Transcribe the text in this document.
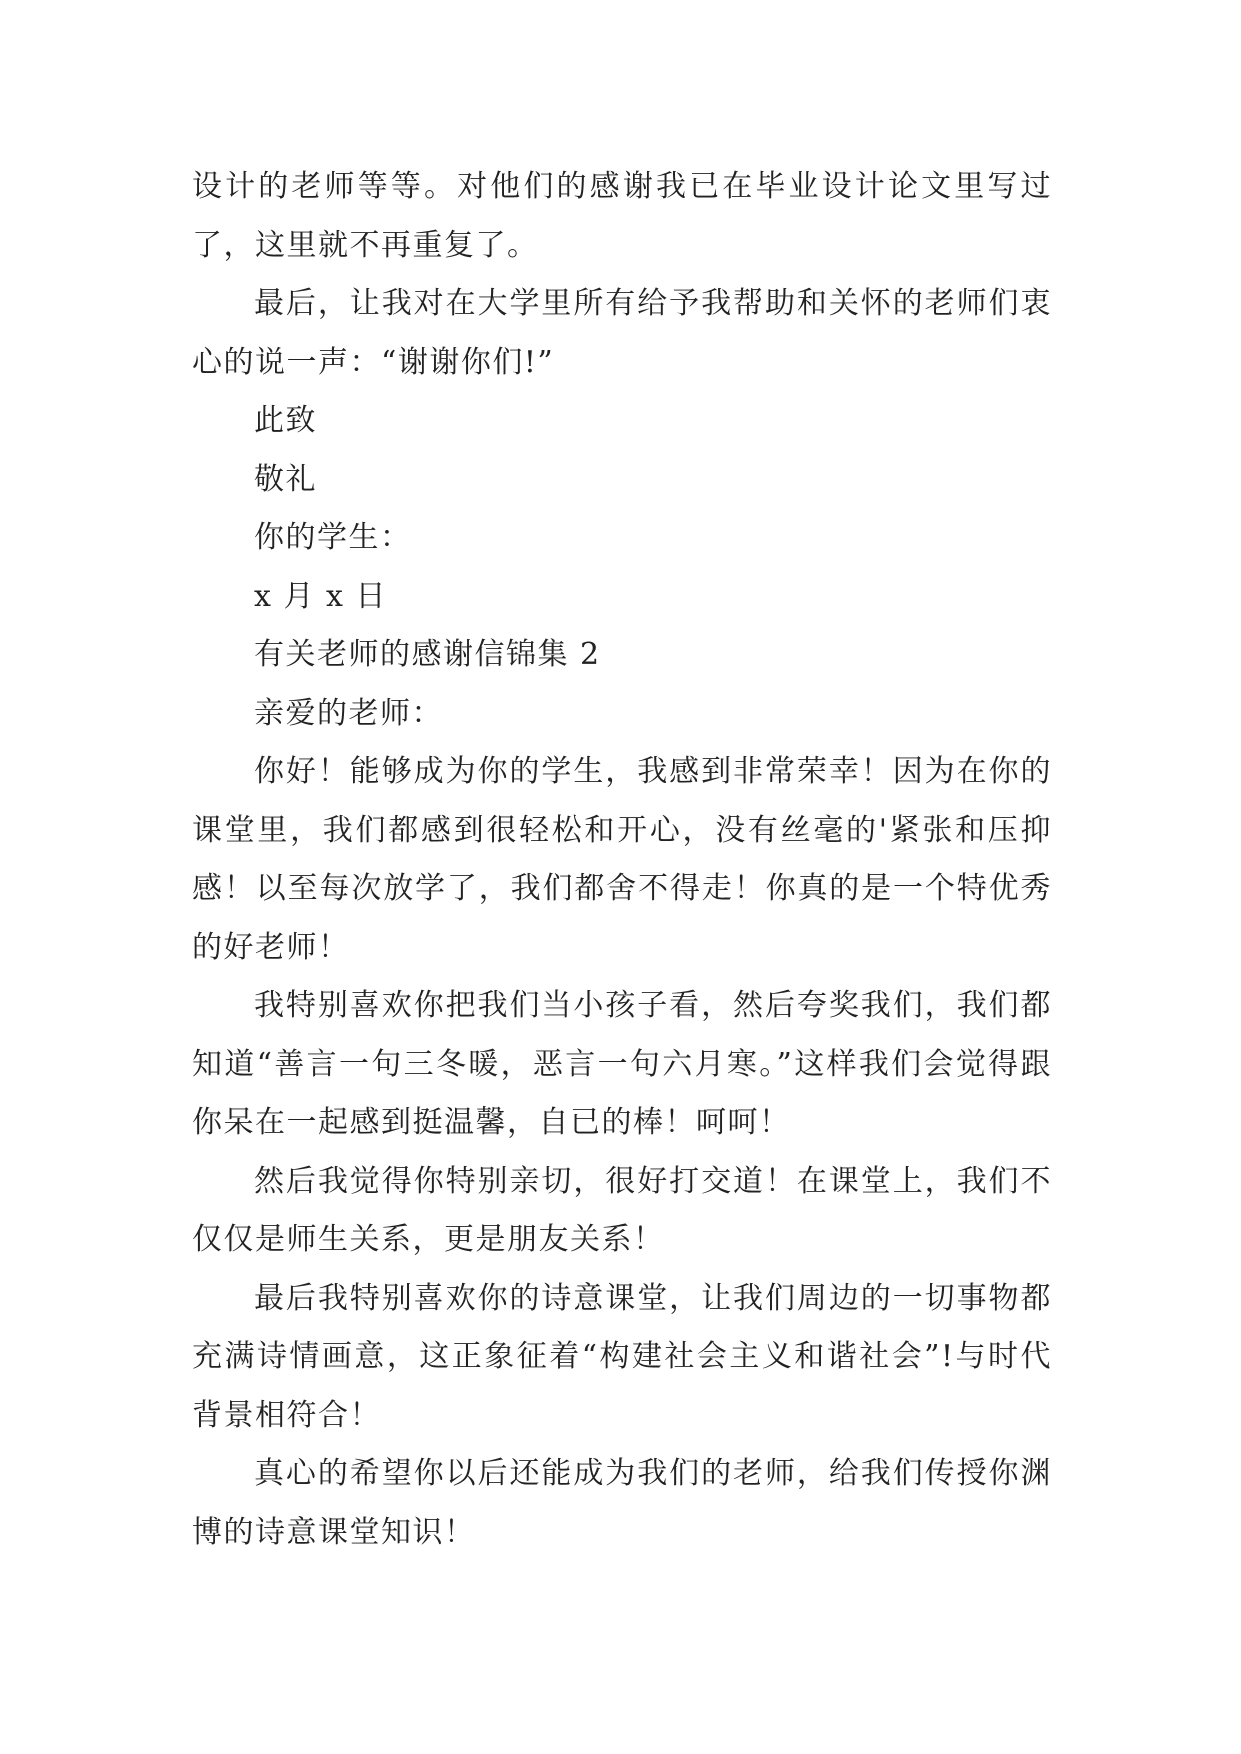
设计的老师等等。对他们的感谢我已在毕业设计论文里写过了，这里就不再重复了。

最后，让我对在大学里所有给予我帮助和关怀的老师们衷心的说一声：“谢谢你们!”

此致

敬礼

你的学生：

x 月 x 日

有关老师的感谢信锦集 2

亲爱的老师：

你好！能够成为你的学生，我感到非常荣幸！因为在你的课堂里，我们都感到很轻松和开心，没有丝毫的'紧张和压抑感！以至每次放学了，我们都舍不得走！你真的是一个特优秀的好老师！

我特别喜欢你把我们当小孩子看，然后夸奖我们，我们都知道“善言一句三冬暖，恶言一句六月寒。”这样我们会觉得跟你呆在一起感到挺温馨，自已的棒！呵呵！

然后我觉得你特别亲切，很好打交道！在课堂上，我们不仅仅是师生关系，更是朋友关系！

最后我特别喜欢你的诗意课堂，让我们周边的一切事物都充满诗情画意，这正象征着“构建社会主义和谐社会”!与时代背景相符合！

真心的希望你以后还能成为我们的老师，给我们传授你渊博的诗意课堂知识！
